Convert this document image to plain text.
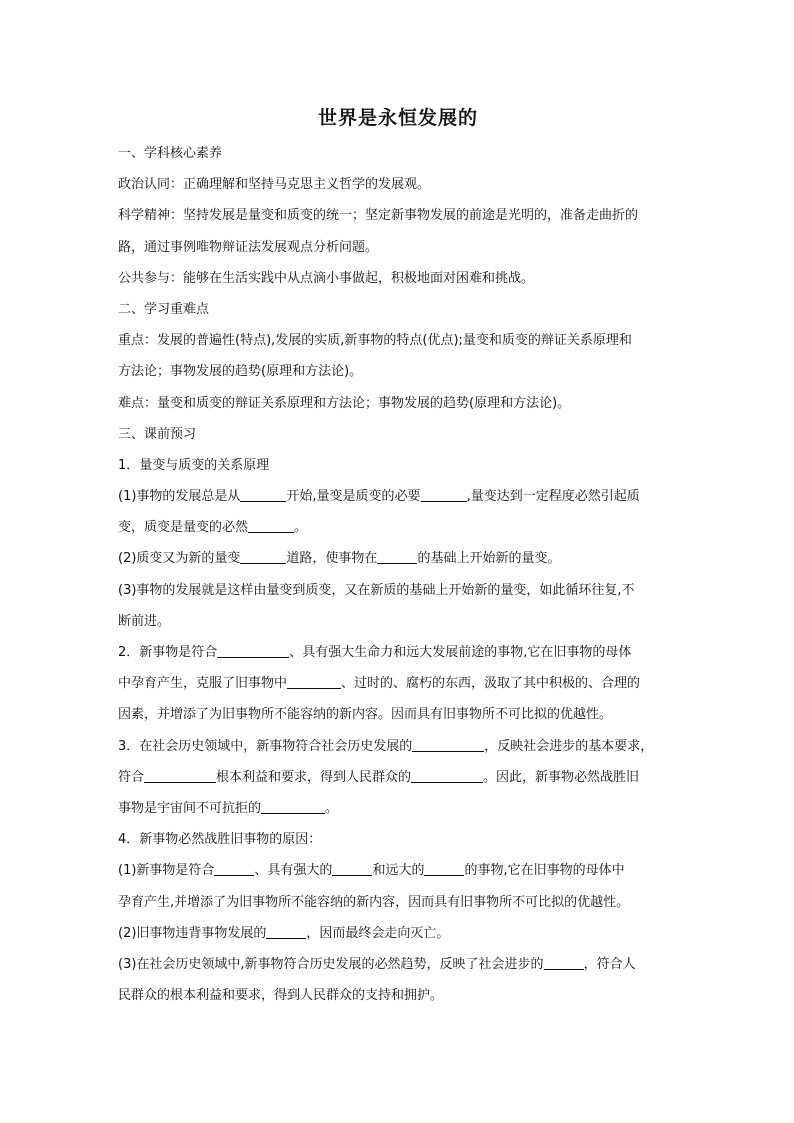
世界是永恒发展的
一、学科核心素养
政治认同：正确理解和坚持马克思主义哲学的发展观。
科学精神：坚持发展是量变和质变的统一；坚定新事物发展的前途是光明的，准备走曲折的
路，通过事例唯物辩证法发展观点分析问题。
公共参与：能够在生活实践中从点滴小事做起，积极地面对困难和挑战。
二、学习重难点
重点：发展的普遍性(特点),发展的实质,新事物的特点(优点);量变和质变的辩证关系原理和
方法论；事物发展的趋势(原理和方法论)。
难点：量变和质变的辩证关系原理和方法论；事物发展的趋势(原理和方法论)。
三、课前预习
1．量变与质变的关系原理
(1)事物的发展总是从	开始,量变是质变的必要	,量变达到一定程度必然引起质
变，质变是量变的必然	。
(2)质变又为新的量变	道路，使事物在	的基础上开始新的量变。
(3)事物的发展就是这样由量变到质变，又在新质的基础上开始新的量变，如此循环往复,不
断前进。
2．新事物是符合	、具有强大生命力和远大发展前途的事物,它在旧事物的母体
中孕育产生，克服了旧事物中	、过时的、腐朽的东西，汲取了其中积极的、合理的
因素，并增添了为旧事物所不能容纳的新内容。因而具有旧事物所不可比拟的优越性。
3．在社会历史领域中，新事物符合社会历史发展的	，反映社会进步的基本要求，
符合	根本利益和要求，得到人民群众的	。因此，新事物必然战胜旧
事物是宇宙间不可抗拒的	。
4．新事物必然战胜旧事物的原因：
(1)新事物是符合	、具有强大的	和远大的	的事物,它在旧事物的母体中
孕育产生,并增添了为旧事物所不能容纳的新内容，因而具有旧事物所不可比拟的优越性。
(2)旧事物违背事物发展的	，因而最终会走向灭亡。
(3)在社会历史领域中,新事物符合历史发展的必然趋势，反映了社会进步的	，符合人
民群众的根本利益和要求，得到人民群众的支持和拥护。
